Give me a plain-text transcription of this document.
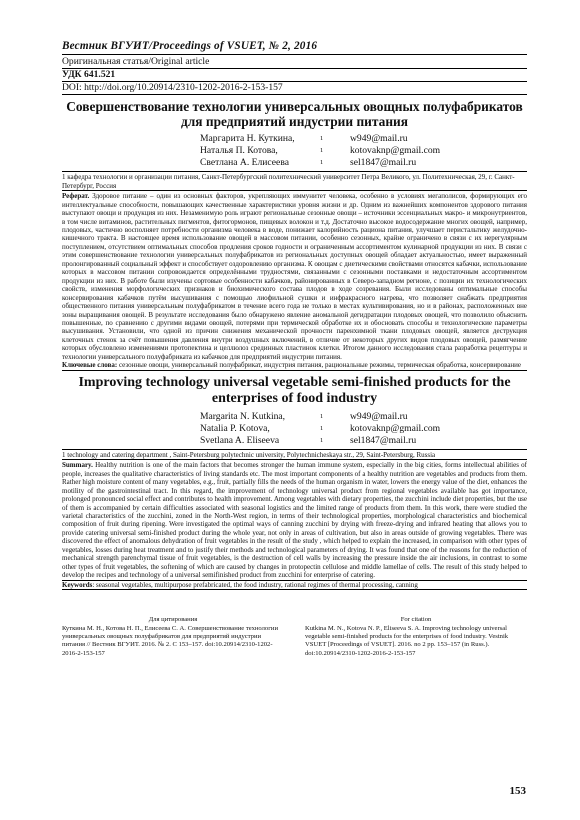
Вестник ВГУИТ/Proceedings of VSUET, № 2, 2016
Оригинальная статья/Original article
УДК 641.521
DOI: http://doi.org/10.20914/2310-1202-2016-2-153-157
Совершенствование технологии универсальных овощных полуфабрикатов для предприятий индустрии питания
Маргарита Н. Куткина,	1	w949@mail.ru
Наталья П. Котова,	1	kotovaknp@gmail.com
Светлана А. Елисеева	1	sel1847@mail.ru
1 кафедра технологии и организации питания, Санкт-Петербургский политехнический университет Петра Великого, ул. Политехническая, 29, г. Санкт-Петербург, Россия
Реферат. Здоровое питание – один из основных факторов, укрепляющих иммунитет человека, особенно в условиях мегаполисов, формирующих его интеллектуальные способности, повышающих качественные характеристики уровня жизни и др. Одним из важнейших компонентов здорового питания выступают овощи и продукция из них. Незаменимую роль играют региональные сезонные овощи – источники эссенциальных макро- и микронутриентов, в том числе витаминов, растительных пигментов, фитогормонов, пищевых волокон и т.д. Достаточно высокое водосодержание многих овощей, например, плодовых, частично восполняет потребности организма человека в воде, понижает калорийность рациона питания, улучшает перистальтику желудочно-кишечного тракта. В настоящее время использование овощей в массовом питании, особенно сезонных, крайне ограничено в связи с их нерегулярным поступлением, отсутствием оптимальных способов продления сроков годности и ограниченным ассортиментом кулинарной продукции из них. В связи с этим совершенствование технологии универсальных полуфабрикатов из региональных доступных овощей обладает актуальностью, имеет выраженный пролонгированный социальный эффект и способствует оздоровлению организма. К овощам с диетическими свойствами относятся кабачки, использование которых в массовом питании сопровождается определёнными трудностями, связанными с сезонными поставками и недостаточным ассортиментом продукции из них. В работе были изучены сортовые особенности кабачков, районированных в Северо-западном регионе, с позиции их технологических свойств, изменения морфологических признаков и биохимического состава плодов в ходе созревания. Были исследованы оптимальные способы консервирования кабачков путём высушивания с помощью лиофильной сушки и инфракрасного нагрева, что позволяет снабжать предприятия общественного питания универсальным полуфабрикатом в течение всего года не только в местах культивирования, но и в районах, расположенных вне зоны выращивания овощей. В результате исследования было обнаружено явление аномальной дегидратации плодовых овощей, что позволило объяснить повышенные, по сравнению с другими видами овощей, потерями при термической обработке их и обосновать способы и технологические параметры высушивания. Установили, что одной из причин снижения механической прочности паренхимной ткани плодовых овощей, является деструкция клеточных стенок за счёт повышения давления внутри воздушных включений, в отличие от некоторых других видов плодовых овощей, размягчение которых обусловлено изменениями протопектина и целлюлоз срединных пластинок клетки. Итогом данного исследования стала разработка рецептуры и технологии универсального полуфабриката из кабачков для предприятий индустрии питания.
Ключевые слова: сезонные овощи, универсальный полуфабрикат, индустрия питания, рациональные режимы, термическая обработка, консервирование
Improving technology universal vegetable semi-finished products for the enterprises of food industry
Margarita N. Kutkina,	1	w949@mail.ru
Natalia P. Kotova,	1	kotovaknp@gmail.com
Svetlana A. Eliseeva	1	sel1847@mail.ru
1 technology and catering department , Saint-Petersburg polytechnic university, Polytechnicheskaya str., 29, Saint-Petersburg, Russia
Summary. Healthy nutrition is one of the main factors that becomes stronger the human immune system, especially in the big cities, forms intellectual abilities of people, increases the qualitative characteristics of living standards etc. The most important components of a healthy nutrition are vegetables and products from them. Rather high moisture content of many vegetables, e.g., fruit, partially fills the needs of the human organism in water, lowers the energy value of the diet, enhances the motility of the gastrointestinal tract. In this regard, the improvement of technology universal product from regional vegetables available has got importance, prolonged pronounced social effect and contributes to health improvement. Among vegetables with dietary properties, the zucchini include diet properties, but the use of them is accompanied by certain difficulties associated with seasonal logistics and the limited range of products from them. In this work, there were studied the varietal characteristics of the zucchini, zoned in the North-West region, in terms of their technological properties, morphological characteristics and biochemical composition of fruit during ripening. Were investigated the optimal ways of canning zucchini by drying with freeze-drying and infrared heating that allows you to provide catering universal semi-finished product during the whole year, not only in areas of cultivation, but also in areas outside of growing vegetables. There was discovered the effect of anomalous dehydration of fruit vegetables in the result of the study , which helped to explain the increased, in comparison with other types of vegetables, losses during heat treatment and to justify their methods and technological parameters of drying. It was found that one of the reasons for the reduction of mechanical strength parenchymal tissue of fruit vegetables, is the destruction of cell walls by increasing the pressure inside the air inclusions, in contrast to some other types of fruit vegetables, the softening of which are caused by changes in protopectin cellulose and middle lamellae of cells. The result of this study helped to develop the recipes and technology of a universal semifinished product from zucchini for enterprise of catering.
Keywords: seasonal vegetables, multipurpose prefabricated, the food industry, rational regimes of thermal processing, canning
Для цитирования
Куткина М. Н., Котова Н. П., Елисеева С. А. Совершенствование технологии универсальных овощных полуфабрикатов для предприятий индустрии питания // Вестник ВГУИТ. 2016. № 2. С 153–157. doi:10.20914/2310-1202-2016-2-153-157
For citation
Kutkina M. N., Kotova N. P., Eliseeva S. A. Improving technology universal vegetable semi-finished products for the enterprises of food industry. Vestnik VSUET [Proceedings of VSUET]. 2016. no 2 pp. 153–157 (in Russ.). doi:10.20914/2310-1202-2016-2-153-157
153
